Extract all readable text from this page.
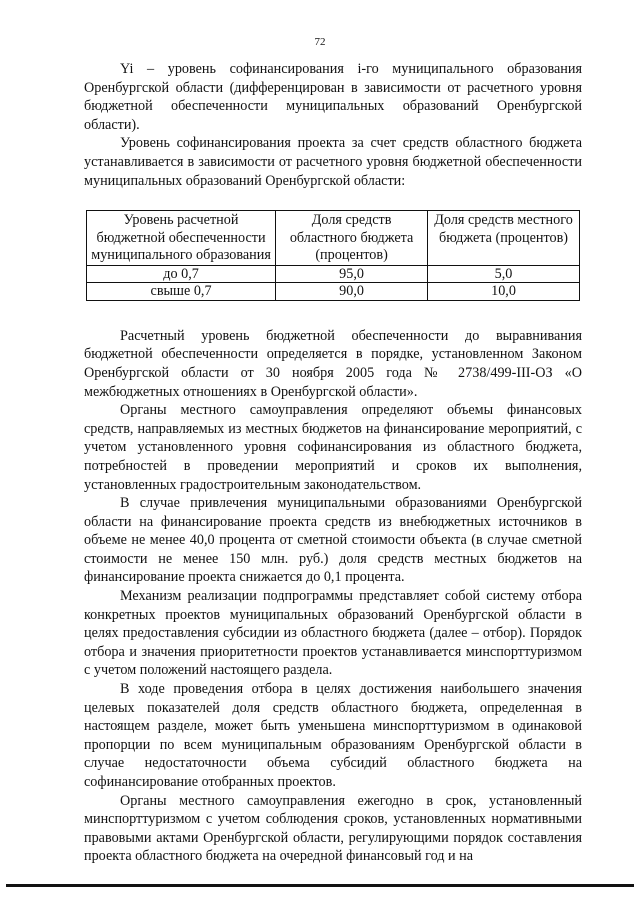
72

Yi – уровень софинансирования i-го муниципального образования Оренбургской области (дифференцирован в зависимости от расчетного уровня бюджетной обеспеченности муниципальных образований Оренбургской области).

Уровень софинансирования проекта за счет средств областного бюджета устанавливается в зависимости от расчетного уровня бюджетной обеспеченности муниципальных образований Оренбургской области:

Уровень расчетной бюджетной обеспеченности муниципального образования	Доля средств областного бюджета (процентов)	Доля средств местного бюджета (процентов)
до 0,7	95,0	5,0
свыше 0,7	90,0	10,0

Расчетный уровень бюджетной обеспеченности до выравнивания бюджетной обеспеченности определяется в порядке, установленном Законом Оренбургской области от 30 ноября 2005 года № 2738/499-III-ОЗ «О межбюджетных отношениях в Оренбургской области».

Органы местного самоуправления определяют объемы финансовых средств, направляемых из местных бюджетов на финансирование мероприятий, с учетом установленного уровня софинансирования из областного бюджета, потребностей в проведении мероприятий и сроков их выполнения, установленных градостроительным законодательством.

В случае привлечения муниципальными образованиями Оренбургской области на финансирование проекта средств из внебюджетных источников в объеме не менее 40,0 процента от сметной стоимости объекта (в случае сметной стоимости не менее 150 млн. руб.) доля средств местных бюджетов на финансирование проекта снижается до 0,1 процента.

Механизм реализации подпрограммы представляет собой систему отбора конкретных проектов муниципальных образований Оренбургской области в целях предоставления субсидии из областного бюджета (далее – отбор). Порядок отбора и значения приоритетности проектов устанавливается минспорттуризмом с учетом положений настоящего раздела.

В ходе проведения отбора в целях достижения наибольшего значения целевых показателей доля средств областного бюджета, определенная в настоящем разделе, может быть уменьшена минспорттуризмом в одинаковой пропорции по всем муниципальным образованиям Оренбургской области в случае недостаточности объема субсидий областного бюджета на софинансирование отобранных проектов.

Органы местного самоуправления ежегодно в срок, установленный минспорттуризмом с учетом соблюдения сроков, установленных нормативными правовыми актами Оренбургской области, регулирующими порядок составления проекта областного бюджета на очередной финансовый год и на
